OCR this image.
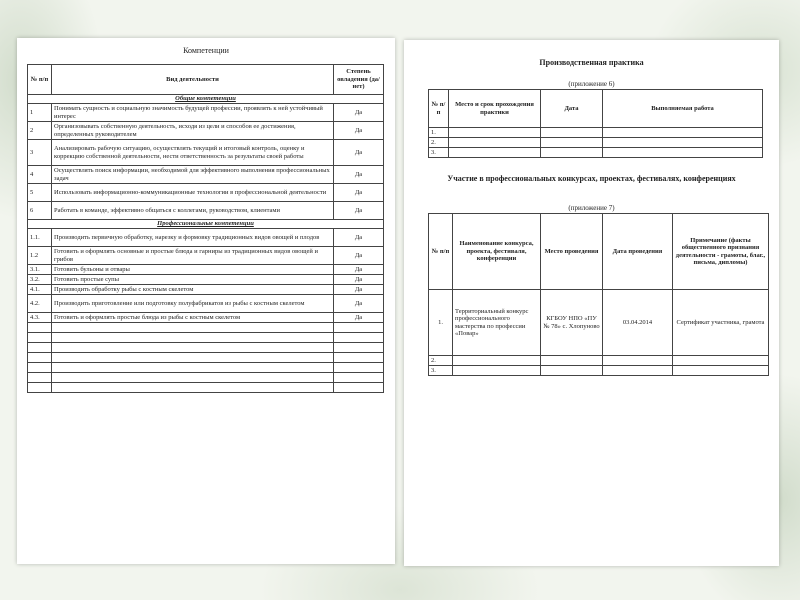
Компетенции
№ п/п	Вид деятельности	Степень овладения (да/нет)
Общие компетенции		
1	Понимать сущность и социальную значимость будущей профессии, проявлять к ней устойчивый интерес	Да
2	Организовывать собственную деятельность, исходя из цели и способов ее достижения, определенных руководителем	Да
3	Анализировать рабочую ситуацию, осуществлять текущий и итоговый контроль, оценку и коррекцию собственной деятельности, нести ответственность за результаты своей работы	Да
4	Осуществлять поиск информации, необходимой для эффективного выполнения профессиональных задач	Да
5	Использовать информационно-коммуникационные технологии в профессиональной деятельности	Да
6	Работать в команде, эффективно общаться с коллегами, руководством, клиентами	Да
Профессиональные компетенции		
1.1.	Производить первичную обработку, нарезку и формовку традиционных видов овощей и плодов	Да
1.2	Готовить и оформлять основные и простые блюда и гарниры из традиционных видов овощей и грибов	Да
3.1.	Готовить бульоны и отвары	Да
3.2.	Готовить простые супы	Да
4.1.	Производить обработку рыбы с костным скелетом	Да
4.2.	Производить приготовление или подготовку полуфабрикатов из рыбы с костным скелетом	Да
4.3.	Готовить и оформлять простые блюда из рыбы с костным скелетом	Да

Производственная практика
(приложение 6)
№ п/п	Место и срок прохождения практики	Дата	Выполняемая работа
1.			
2.			
3.			
Участие в профессиональных конкурсах, проектах, фестивалях, конференциях
(приложение 7)
№ п/п	Наименование конкурса, проекта, фестиваля, конференции	Место проведения	Дата проведения	Примечание (факты общественного признания деятельности - грамоты, благ., письма, дипломы)
1.	Территориальный конкурс профессионального мастерства по профессии «Повар»	КГБОУ НПО «ПУ № 78» с. Хлопуново	03.04.2014	Сертификат участника, грамота
2.				
3.				
